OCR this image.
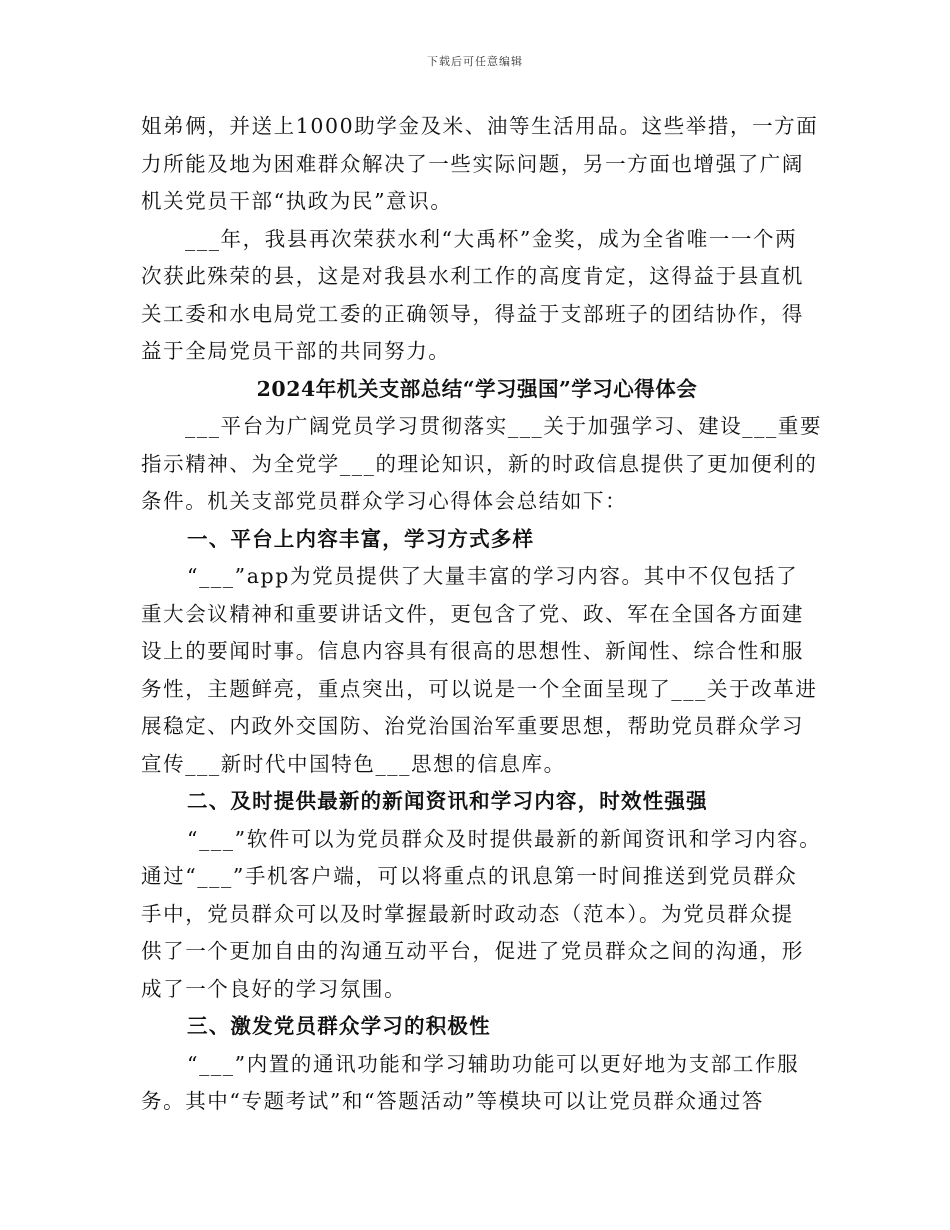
下载后可任意编辑
姐弟俩，并送上1000助学金及米、油等生活用品。这些举措，一方面
力所能及地为困难群众解决了一些实际问题，另一方面也增强了广阔
机关党员干部“执政为民”意识。
___年，我县再次荣获水利“大禹杯”金奖，成为全省唯一一个两
次获此殊荣的县，这是对我县水利工作的高度肯定，这得益于县直机
关工委和水电局党工委的正确领导，得益于支部班子的团结协作，得
益于全局党员干部的共同努力。
2024年机关支部总结“学习强国”学习心得体会
___平台为广阔党员学习贯彻落实___关于加强学习、建设___重要
指示精神、为全党学___的理论知识，新的时政信息提供了更加便利的
条件。机关支部党员群众学习心得体会总结如下：
一、平台上内容丰富，学习方式多样
“___”app为党员提供了大量丰富的学习内容。其中不仅包括了
重大会议精神和重要讲话文件，更包含了党、政、军在全国各方面建
设上的要闻时事。信息内容具有很高的思想性、新闻性、综合性和服
务性，主题鲜亮，重点突出，可以说是一个全面呈现了___关于改革进
展稳定、内政外交国防、治党治国治军重要思想，帮助党员群众学习
宣传___新时代中国特色___思想的信息库。
二、及时提供最新的新闻资讯和学习内容，时效性强强
“___”软件可以为党员群众及时提供最新的新闻资讯和学习内容。
通过“___”手机客户端，可以将重点的讯息第一时间推送到党员群众
手中，党员群众可以及时掌握最新时政动态（范本）。为党员群众提
供了一个更加自由的沟通互动平台，促进了党员群众之间的沟通，形
成了一个良好的学习氛围。
三、激发党员群众学习的积极性
“___”内置的通讯功能和学习辅助功能可以更好地为支部工作服
务。其中“专题考试”和“答题活动”等模块可以让党员群众通过答
